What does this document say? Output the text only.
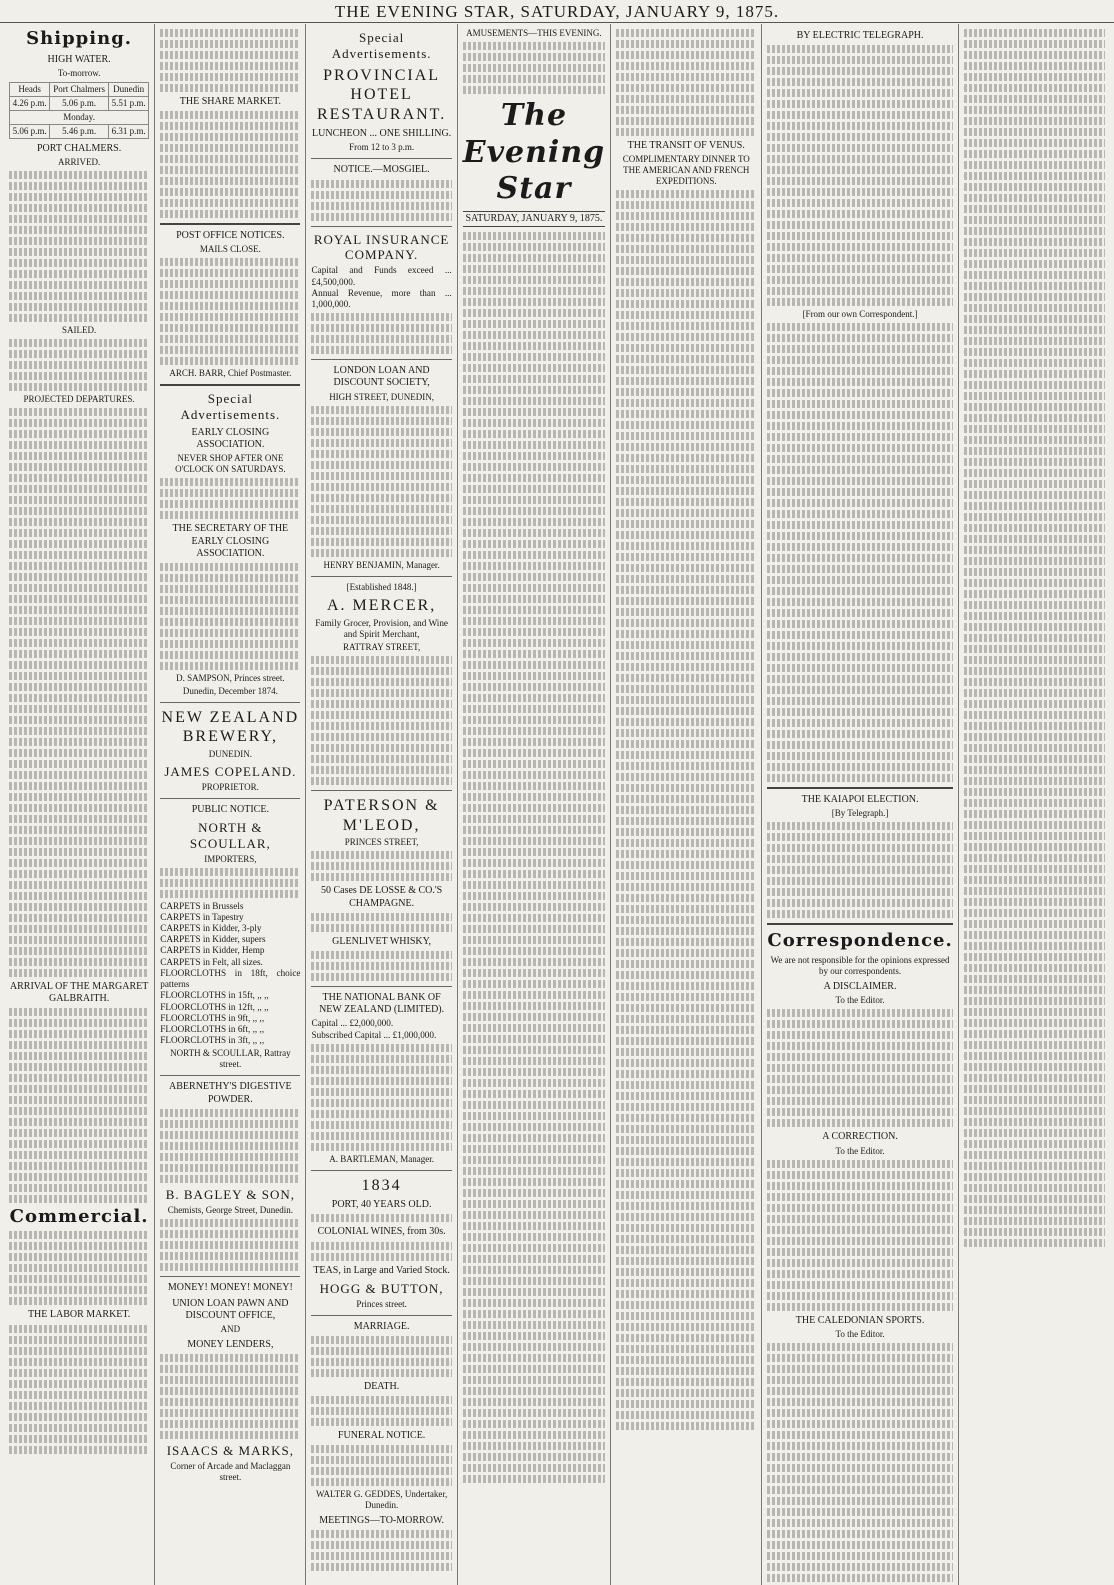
THE EVENING STAR, SATURDAY, JANUARY 9, 1875.
Shipping.
HIGH WATER.
To-morrow.
Heads	Port Chalmers	Dunedin
4.26 p.m.	5.06 p.m.	5.51 p.m.
Monday.		
5.06 p.m.	5.46 p.m.	6.31 p.m.
PORT CHALMERS.
ARRIVED.
SAILED.
PROJECTED DEPARTURES.
ARRIVAL OF THE MARGARET GALBRAITH.
Commercial.
THE LABOR MARKET.
THE SHARE MARKET.
POST OFFICE NOTICES.
MAILS CLOSE.
ARCH. BARR, Chief Postmaster.
Special Advertisements.
EARLY CLOSING ASSOCIATION.
NEVER SHOP AFTER ONE O'CLOCK ON SATURDAYS.
THE SECRETARY OF THE EARLY CLOSING ASSOCIATION.
D. SAMPSON, Princes street.
Dunedin, December 1874.
NEW ZEALAND BREWERY,
DUNEDIN.
JAMES COPELAND.
PROPRIETOR.
PUBLIC NOTICE.
NORTH & SCOULLAR,
IMPORTERS,
CARPETS in Brussels
CARPETS in Tapestry
CARPETS in Kidder, 3-ply
CARPETS in Kidder, supers
CARPETS in Kidder, Hemp
CARPETS in Felt, all sizes.
FLOORCLOTHS in 18ft, choice patterns
FLOORCLOTHS in 15ft, ,, ,,
FLOORCLOTHS in 12ft, ,, ,,
FLOORCLOTHS in 9ft, ,, ,,
FLOORCLOTHS in 6ft, ,, ,,
FLOORCLOTHS in 3ft, ,, ,,
NORTH & SCOULLAR, Rattray street.
ABERNETHY'S DIGESTIVE POWDER.
B. BAGLEY & SON,
Chemists, George Street, Dunedin.
MONEY! MONEY! MONEY!
UNION LOAN PAWN AND DISCOUNT OFFICE,
AND
MONEY LENDERS,
ISAACS & MARKS,
Corner of Arcade and Maclaggan street.
Special Advertisements.
PROVINCIAL HOTEL RESTAURANT.
LUNCHEON ... ONE SHILLING.
From 12 to 3 p.m.
NOTICE.—MOSGIEL.
ROYAL INSURANCE COMPANY.
Capital and Funds exceed ... £4,500,000.
Annual Revenue, more than ... 1,000,000.
LONDON LOAN AND DISCOUNT SOCIETY,
HIGH STREET, DUNEDIN,
HENRY BENJAMIN, Manager.
[Established 1848.]
A. MERCER,
Family Grocer, Provision, and Wine and Spirit Merchant,
RATTRAY STREET,
PATERSON & M'LEOD,
PRINCES STREET,
50 Cases DE LOSSE & CO.'S CHAMPAGNE.
GLENLIVET WHISKY,
THE NATIONAL BANK OF NEW ZEALAND (LIMITED).
Capital ... £2,000,000.
Subscribed Capital ... £1,000,000.
A. BARTLEMAN, Manager.
1834
PORT, 40 YEARS OLD.
COLONIAL WINES, from 30s.
TEAS, in Large and Varied Stock.
HOGG & BUTTON,
Princes street.
MARRIAGE.
DEATH.
FUNERAL NOTICE.
WALTER G. GEDDES, Undertaker, Dunedin.
MEETINGS—TO-MORROW.
AMUSEMENTS—THIS EVENING.
The Evening Star
SATURDAY, JANUARY 9, 1875.
THE TRANSIT OF VENUS.
COMPLIMENTARY DINNER TO THE AMERICAN AND FRENCH EXPEDITIONS.
BY ELECTRIC TELEGRAPH.
[From our own Correspondent.]
THE KAIAPOI ELECTION.
[By Telegraph.]
Correspondence.
We are not responsible for the opinions expressed by our correspondents.
A DISCLAIMER.
To the Editor.
A CORRECTION.
To the Editor.
THE CALEDONIAN SPORTS.
To the Editor.
